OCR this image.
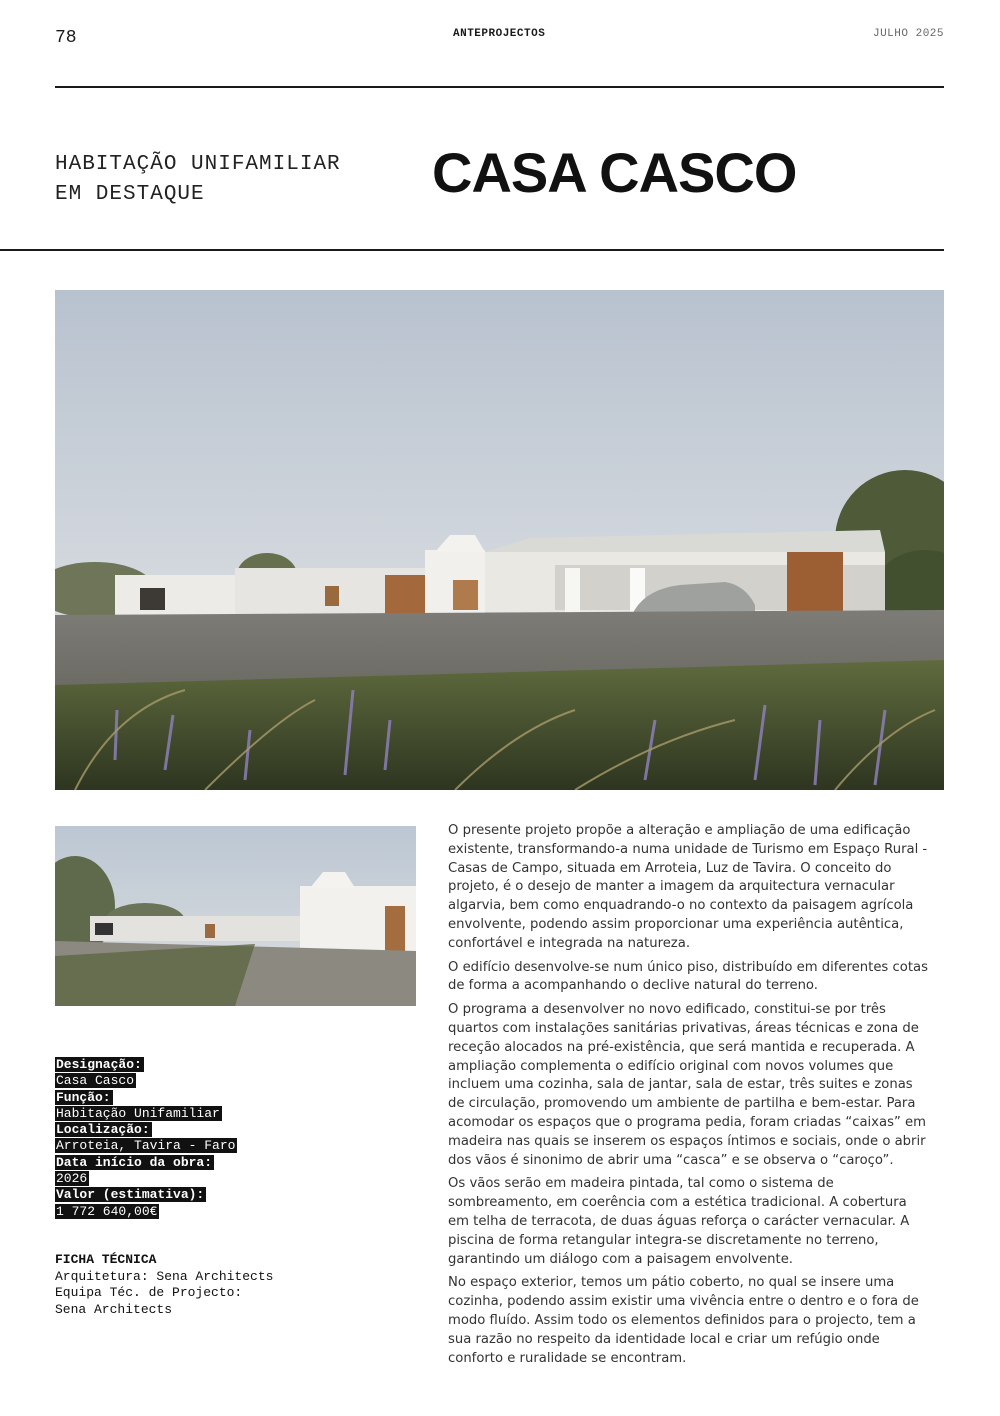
78	ANTEPROJECTOS	JULHO 2025
HABITAÇÃO UNIFAMILIAR
EM DESTAQUE	CASA CASCO
Designação:
Casa Casco
Função:
Habitação Unifamiliar
Localização:
Arroteia, Tavira - Faro
Data início da obra:
2026
Valor (estimativa):
1 772 640,00€
FICHA TÉCNICA
Arquitetura: Sena Architects
Equipa Téc. de Projecto:
Sena Architects

O presente projeto propõe a alteração e ampliação de uma edificação existente, transformando-a numa unidade de Turismo em Espaço Rural - Casas de Campo, situada em Arroteia, Luz de Tavira. O conceito do projeto, é o desejo de manter a imagem da arquitectura vernacular algarvia, bem como enquadrando-o no contexto da paisagem agrícola envolvente, podendo assim proporcionar uma experiência autêntica, confortável e integrada na natureza.

O edifício desenvolve-se num único piso, distribuído em diferentes cotas de forma a acompanhando o declive natural do terreno.

O programa a desenvolver no novo edificado, constitui-se por três quartos com instalações sanitárias privativas, áreas técnicas e zona de receção alocados na pré-existência, que será mantida e recuperada. A ampliação complementa o edifício original com novos volumes que incluem uma cozinha, sala de jantar, sala de estar, três suites e zonas de circulação, promovendo um ambiente de partilha e bem-estar. Para acomodar os espaços que o programa pedia, foram criadas “caixas” em madeira nas quais se inserem os espaços íntimos e sociais, onde o abrir dos vãos é sinonimo de abrir uma “casca” e se observa o “caroço”.

Os vãos serão em madeira pintada, tal como o sistema de sombreamento, em coerência com a estética tradicional. A cobertura em telha de terracota, de duas águas reforça o carácter vernacular. A piscina de forma retangular integra-se discretamente no terreno, garantindo um diálogo com a paisagem envolvente.

No espaço exterior, temos um pátio coberto, no qual se insere uma cozinha, podendo assim existir uma vivência entre o dentro e o fora de modo fluído. Assim todo os elementos definidos para o projecto, tem a sua razão no respeito da identidade local e criar um refúgio onde conforto e ruralidade se encontram.
